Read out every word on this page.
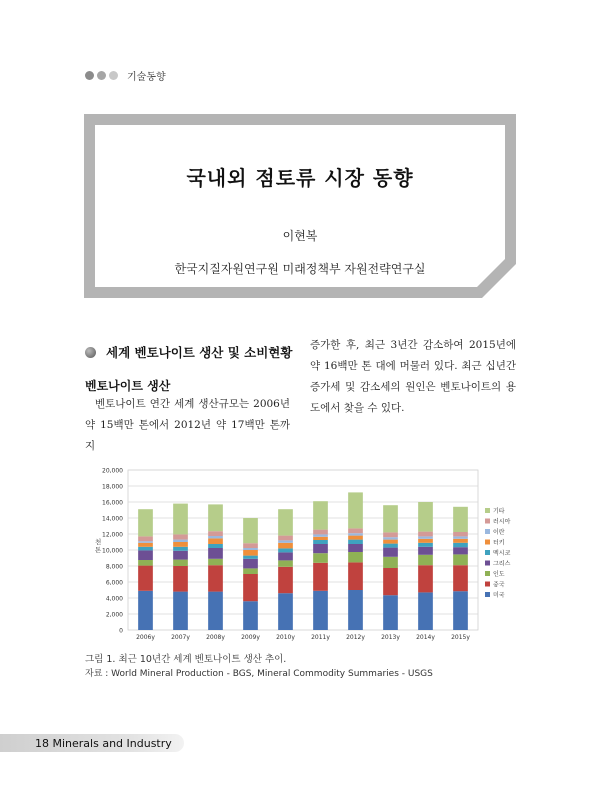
기술동향
국내외 점토류 시장 동향
이현복
한국지질자원연구원 미래정책부 자원전략연구실
세계 벤토나이트 생산 및 소비현황
벤토나이트 생산
벤토나이트 연간 세계 생산규모는 2006년 약 15백만 톤에서 2012년 약 17백만 톤까지
증가한 후, 최근 3년간 감소하여 2015년에 약 16백만 톤 대에 머물러 있다. 최근 십년간 증가세 및 감소세의 원인은 벤토나이트의 용도에서 찾을 수 있다.
0
2,000
4,000
6,000
8,000
10,000
12,000
14,000
16,000
18,000
20,000
천 톤
2006y	2007y	2008y	2009y	2010y	2011y	2012y	2013y	2014y	2015y
기타
러시아
이란
터키
멕시코
그리스
인도
중국
미국
그림 1. 최근 10년간 세계 벤토나이트 생산 추이.
자료 : World Mineral Production - BGS, Mineral Commodity Summaries - USGS
18 Minerals and Industry
